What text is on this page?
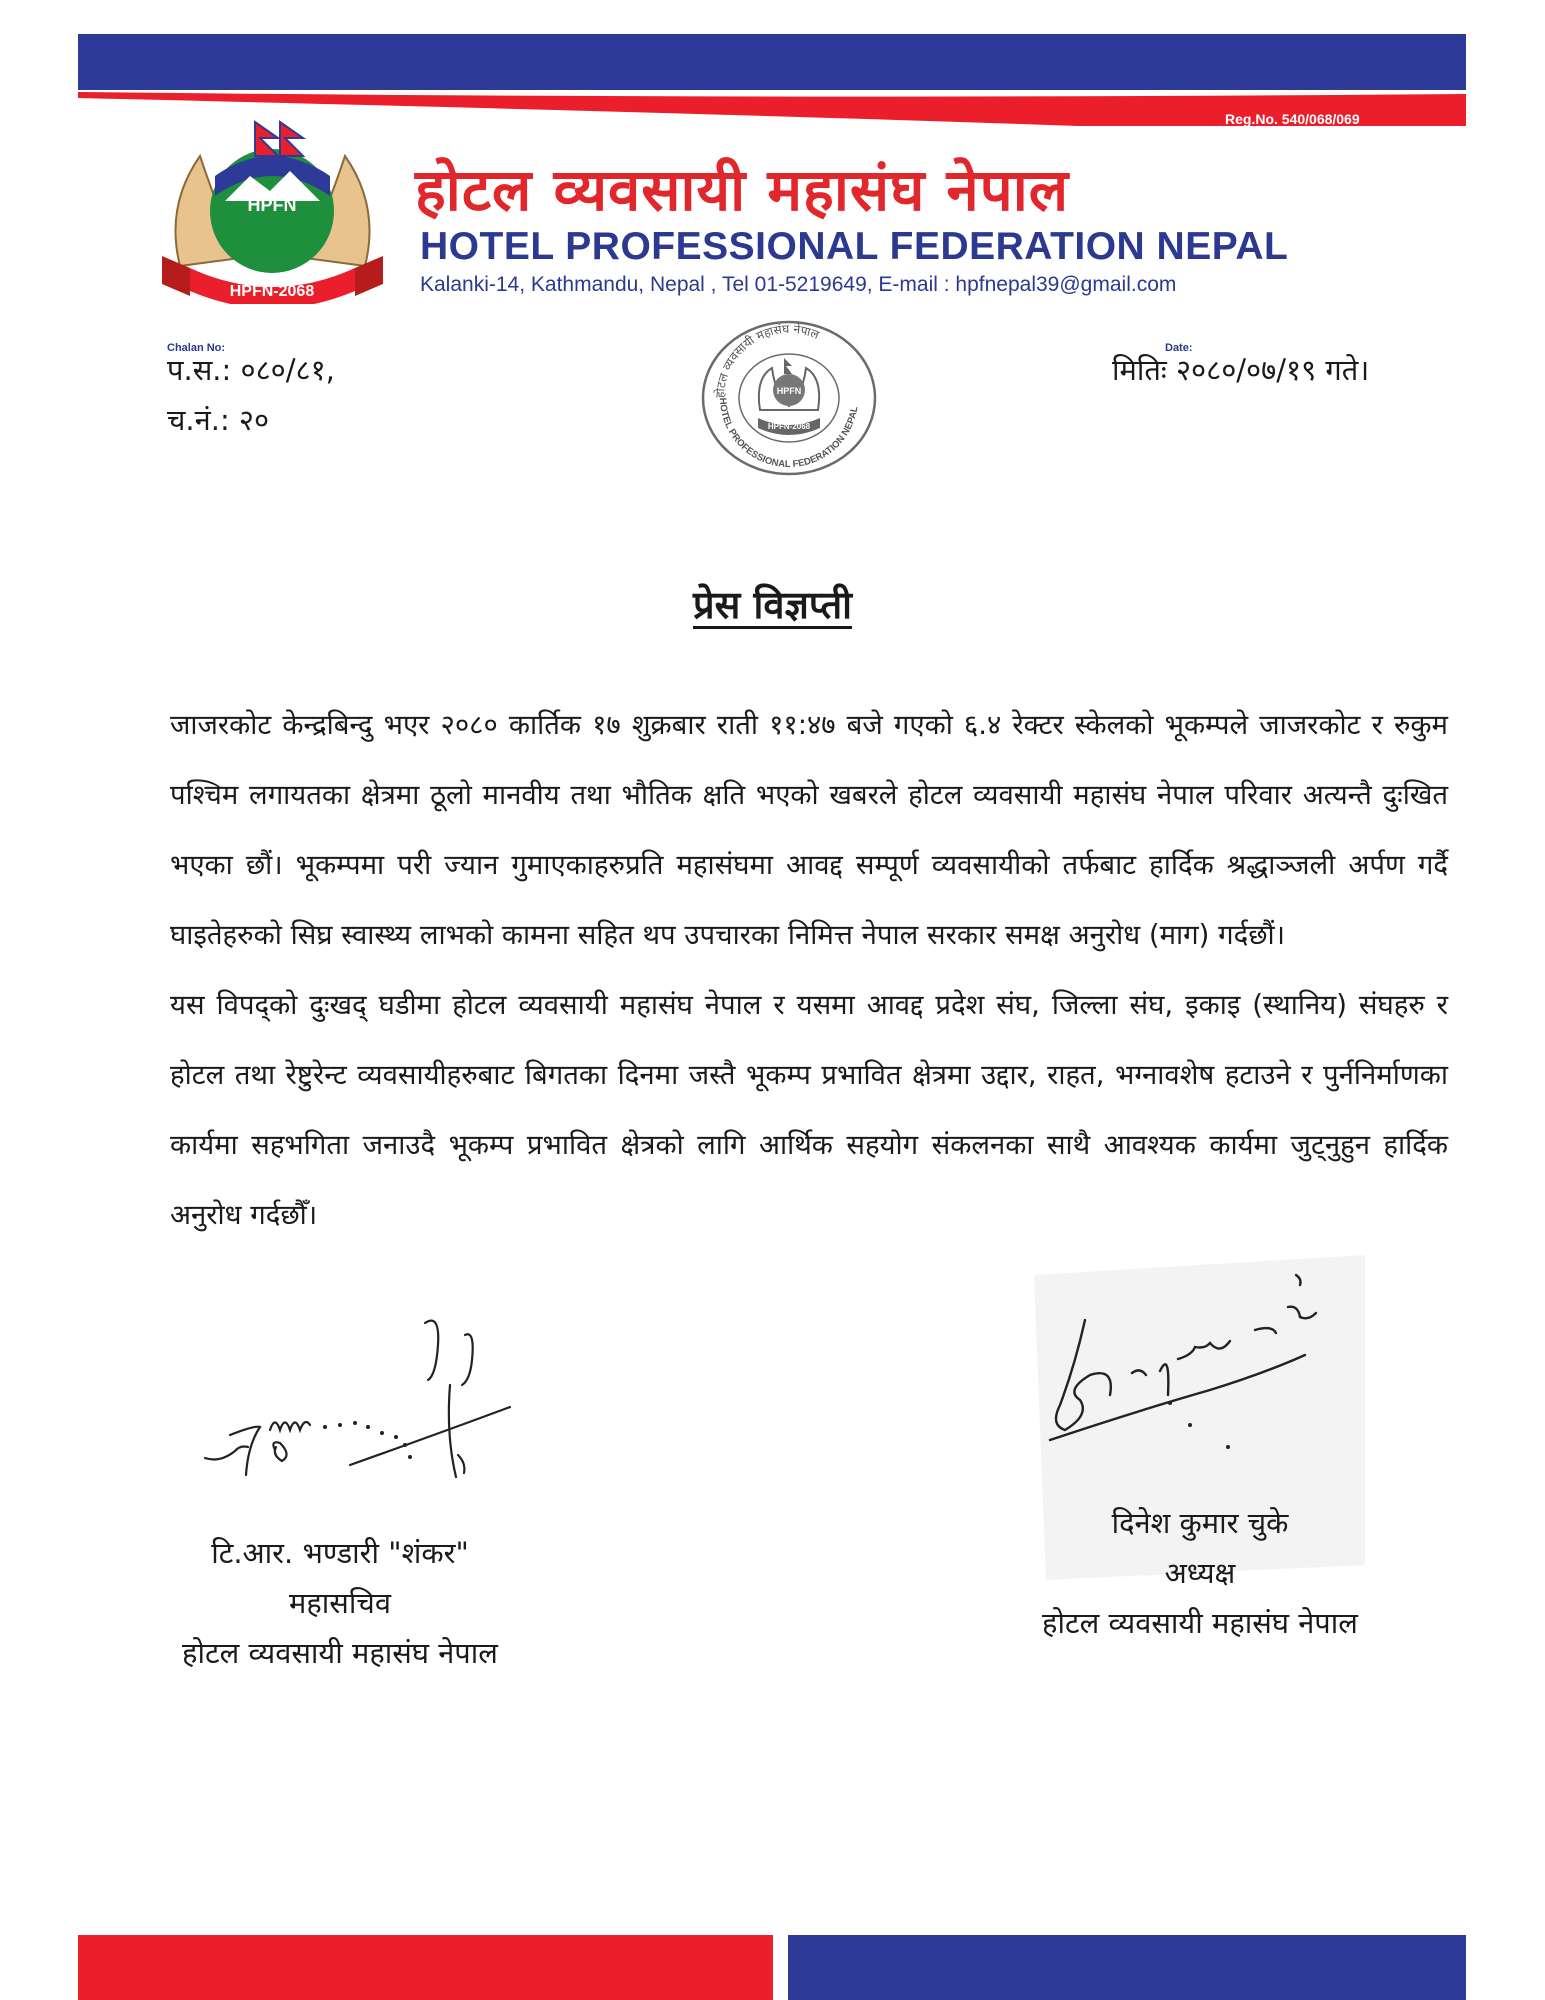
Reg.No. 540/068/069
HPFN
HPFN-2068
होटल व्यवसायी महासंघ नेपाल
HOTEL PROFESSIONAL FEDERATION NEPAL
Kalanki-14, Kathmandu, Nepal , Tel 01-5219649, E-mail : hpfnepal39@gmail.com
Chalan No:
प.स.: ०८०/८१,
च.नं.: २०
Date:
मितिः २०८०/०७/१९ गते।
होटल व्यवसायी महासंघ नेपाल
HOTEL PROFESSIONAL FEDERATION NEPAL
HPFN
HPFN-2068
प्रेस विज्ञप्ती

जाजरकोट केन्द्रबिन्दु भएर २०८० कार्तिक १७ शुक्रबार राती ११:४७ बजे गएको ६.४ रेक्टर स्केलको भूकम्पले जाजरकोट र रुकुम पश्चिम लगायतका क्षेत्रमा ठूलो मानवीय तथा भौतिक क्षति भएको खबरले होटल व्यवसायी महासंघ नेपाल परिवार अत्यन्तै दुःखित भएका छौं। भूकम्पमा परी ज्यान गुमाएकाहरुप्रति महासंघमा आवद्द सम्पूर्ण व्यवसायीको तर्फबाट हार्दिक श्रद्धाञ्जली अर्पण गर्दै घाइतेहरुको सिघ्र स्वास्थ्य लाभको कामना सहित थप उपचारका निमित्त नेपाल सरकार समक्ष अनुरोध (माग) गर्दछौं।

यस विपद्को दुःखद् घडीमा होटल व्यवसायी महासंघ नेपाल र यसमा आवद्द प्रदेश संघ, जिल्ला संघ, इकाइ (स्थानिय) संघहरु र होटल तथा रेष्टुरेन्ट व्यवसायीहरुबाट बिगतका दिनमा जस्तै भूकम्प प्रभावित क्षेत्रमा उद्दार, राहत, भग्नावशेष हटाउने र पुर्ननिर्माणका कार्यमा सहभगिता जनाउदै भूकम्प प्रभावित क्षेत्रको लागि आर्थिक सहयोग संकलनका साथै आवश्यक कार्यमा जुट्नुहुन हार्दिक अनुरोध गर्दछौँ।

टि.आर. भण्डारी "शंकर"
महासचिव
होटल व्यवसायी महासंघ नेपाल
दिनेश कुमार चुके
अध्यक्ष
होटल व्यवसायी महासंघ नेपाल
